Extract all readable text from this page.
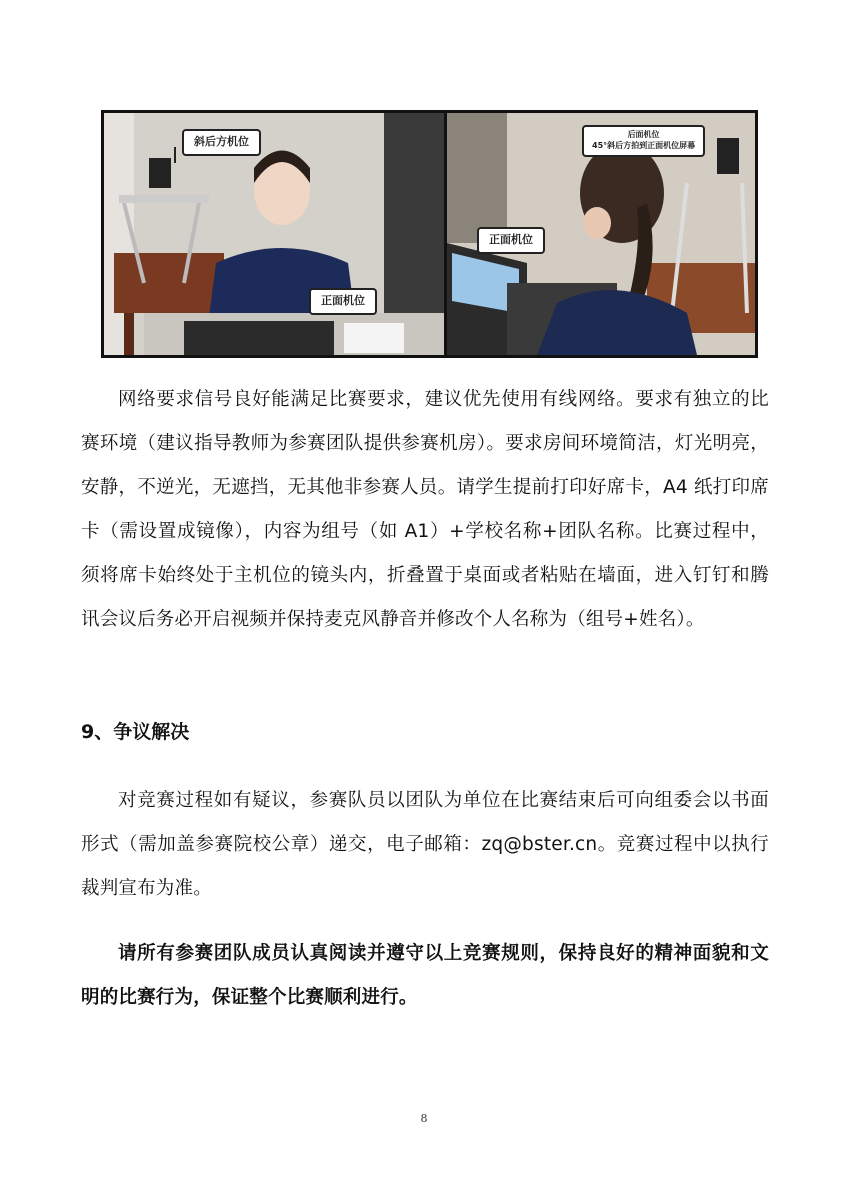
斜后方机位
正面机位
后面机位
45°斜后方拍到正面机位屏幕
正面机位

网络要求信号良好能满足比赛要求，建议优先使用有线网络。要求有独立的比赛环境（建议指导教师为参赛团队提供参赛机房）。要求房间环境简洁，灯光明亮，安静，不逆光，无遮挡，无其他非参赛人员。请学生提前打印好席卡，A4 纸打印席卡（需设置成镜像），内容为组号（如 A1）+学校名称+团队名称。比赛过程中，须将席卡始终处于主机位的镜头内，折叠置于桌面或者粘贴在墙面，进入钉钉和腾讯会议后务必开启视频并保持麦克风静音并修改个人名称为（组号+姓名）。

9、争议解决

对竞赛过程如有疑议，参赛队员以团队为单位在比赛结束后可向组委会以书面形式（需加盖参赛院校公章）递交，电子邮箱：zq@bster.cn。竞赛过程中以执行裁判宣布为准。

请所有参赛团队成员认真阅读并遵守以上竞赛规则，保持良好的精神面貌和文明的比赛行为，保证整个比赛顺利进行。

8
